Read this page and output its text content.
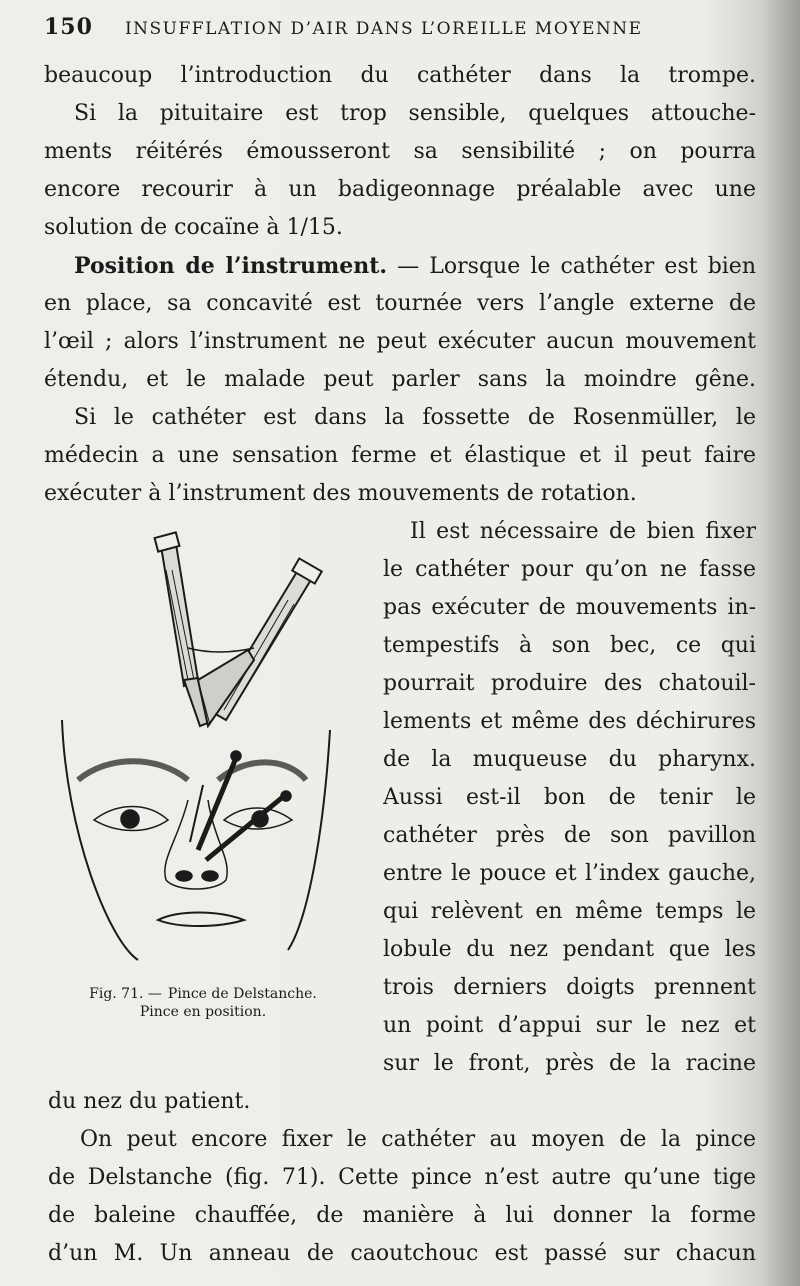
150 INSUFFLATION D’AIR DANS L’OREILLE MOYENNE
beaucoup l’introduction du cathéter dans la trompe.
Si la pituitaire est trop sensible, quelques attouche-
ments réitérés émousseront sa sensibilité ; on pourra
encore recourir à un badigeonnage préalable avec une
solution de cocaïne à 1/15.
Position de l’instrument. — Lorsque le cathéter est bien
en place, sa concavité est tournée vers l’angle externe de
l’œil ; alors l’instrument ne peut exécuter aucun mouvement
étendu, et le malade peut parler sans la moindre gêne.
Si le cathéter est dans la fossette de Rosenmüller, le
médecin a une sensation ferme et élastique et il peut faire
exécuter à l’instrument des mouvements de rotation.
Il est nécessaire de bien fixer
le cathéter pour qu’on ne fasse
pas exécuter de mouvements in-
tempestifs à son bec, ce qui
pourrait produire des chatouil-
lements et même des déchirures
de la muqueuse du pharynx.
Aussi est-il bon de tenir le
cathéter près de son pavillon
entre le pouce et l’index gauche,
qui relèvent en même temps le
lobule du nez pendant que les
trois derniers doigts prennent
un point d’appui sur le nez et
sur le front, près de la racine
du nez du patient.
Fig. 71. — Pince de Delstanche.
Pince en position.
On peut encore fixer le cathéter au moyen de la pince
de Delstanche (fig. 71). Cette pince n’est autre qu’une tige
de baleine chauffée, de manière à lui donner la forme
d’un M. Un anneau de caoutchouc est passé sur chacun
